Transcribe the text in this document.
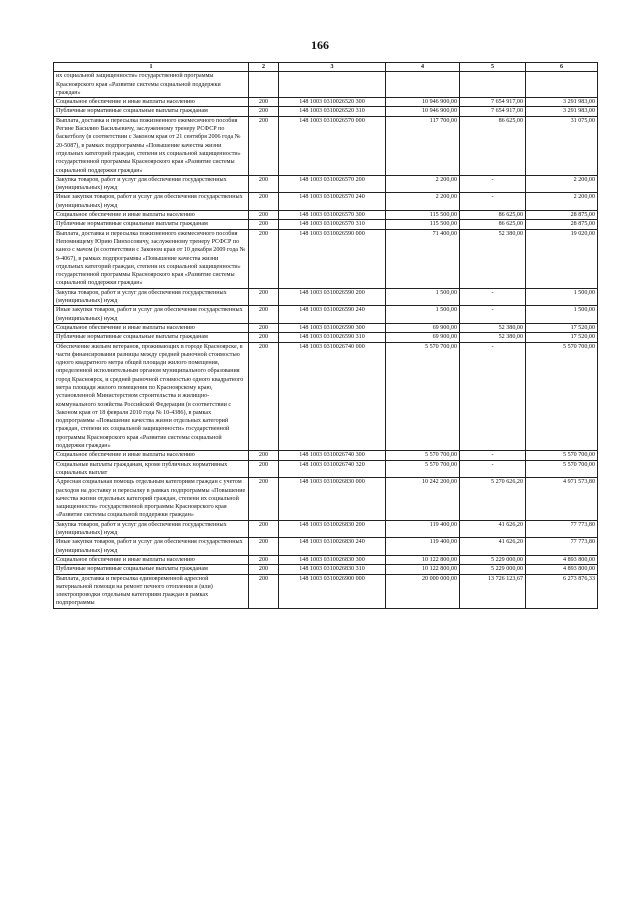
166
1	2	3	4	5	6
их социальной защищенности» государственной программы Красноярского края «Развитие системы социальной поддержки граждан»					
Социальное обеспечение и иные выплаты населению	200	148 1003 0310026520 300	10 946 900,00	7 654 917,00	3 291 983,00
Публичные нормативные социальные выплаты гражданам	200	148 1003 0310026520 310	10 946 900,00	7 654 917,00	3 291 983,00
Выплата, доставка и пересылка пожизненного ежемесячного пособия Регине Василию Васильевичу, заслуженному тренеру РСФСР по баскетболу (в соответствии с Законом края от 21 сентября 2006 года № 20-5087), в рамках подпрограммы «Повышение качества жизни отдельных категорий граждан, степени их социальной защищенности» государственной программы Красноярского края «Развитие системы социальной поддержки граждан»	200	148 1003 0310026570 000	117 700,00	86 625,00	31 075,00
Закупка товаров, работ и услуг для обеспечения государственных (муниципальных) нужд	200	148 1003 0310026570 200	2 200,00	-	2 200,00
Иные закупки товаров, работ и услуг для обеспечения государственных (муниципальных) нужд	200	148 1003 0310026570 240	2 200,00	-	2 200,00
Социальное обеспечение и иные выплаты населению	200	148 1003 0310026570 300	115 500,00	86 625,00	28 875,00
Публичные нормативные социальные выплаты гражданам	200	148 1003 0310026570 310	115 500,00	86 625,00	28 875,00
Выплата, доставка и пересылка пожизненного ежемесячного пособия Непомнящему Юрию Пинхосовичу, заслуженному тренеру РСФСР по каноэ с мачом (в соответствии с Законом края от 10 декабря 2009 года № 9-4067), в рамках подпрограммы «Повышение качества жизни отдельных категорий граждан, степени их социальной защищенности» государственной программы Красноярского края «Развитие системы социальной поддержки граждан»	200	148 1003 0310026590 000	71 400,00	52 380,00	19 020,00
Закупка товаров, работ и услуг для обеспечения государственных (муниципальных) нужд	200	148 1003 0310026590 200	1 500,00	-	1 500,00
Иные закупки товаров, работ и услуг для обеспечения государственных (муниципальных) нужд	200	148 1003 0310026590 240	1 500,00	-	1 500,00
Социальное обеспечение и иные выплаты населению	200	148 1003 0310026590 300	69 900,00	52 380,00	17 520,00
Публичные нормативные социальные выплаты гражданам	200	148 1003 0310026590 310	69 900,00	52 380,00	17 520,00
Обеспечение жильем ветеранов, проживающих в городе Красноярске, в части финансирования разницы между средней рыночной стоимостью одного квадратного метра общей площади жилого помещения, определенной исполнительным органом муниципального образования город Красноярск, и средней рыночной стоимостью одного квадратного метра площади жилого помещения по Красноярскому краю, установленной Министерством строительства и жилищно-коммунального хозяйства Российской Федерации (в соответствии с Законом края от 18 февраля 2010 года № 10-4386), в рамках подпрограммы «Повышение качества жизни отдельных категорий граждан, степени их социальной защищенности» государственной программы Красноярского края «Развитие системы социальной поддержки граждан»	200	148 1003 0310026740 000	5 570 700,00	-	5 570 700,00
Социальное обеспечение и иные выплаты населению	200	148 1003 0310026740 300	5 570 700,00	-	5 570 700,00
Социальные выплаты гражданам, кроме публичных нормативных социальных выплат	200	148 1003 0310026740 320	5 570 700,00	-	5 570 700,00
Адресная социальная помощь отдельным категориям граждан с учетом расходов на доставку и пересылку в рамках подпрограммы «Повышение качества жизни отдельных категорий граждан, степени их социальной защищенности» государственной программы Красноярского края «Развитие системы социальной поддержки граждан»	200	148 1003 0310026830 000	10 242 200,00	5 270 626,20	4 971 573,80
Закупка товаров, работ и услуг для обеспечения государственных (муниципальных) нужд	200	148 1003 0310026830 200	119 400,00	41 626,20	77 773,80
Иные закупки товаров, работ и услуг для обеспечения государственных (муниципальных) нужд	200	148 1003 0310026830 240	119 400,00	41 626,20	77 773,80
Социальное обеспечение и иные выплаты населению	200	148 1003 0310026830 300	10 122 800,00	5 229 000,00	4 893 800,00
Публичные нормативные социальные выплаты гражданам	200	148 1003 0310026830 310	10 122 800,00	5 229 000,00	4 893 800,00
Выплата, доставка и пересылка единовременной адресной материальной помощи на ремонт печного отопления и (или) электропроводки отдельным категориям граждан в рамках подпрограммы	200	148 1003 0310026900 000	20 000 000,00	13 726 123,67	6 273 876,33
